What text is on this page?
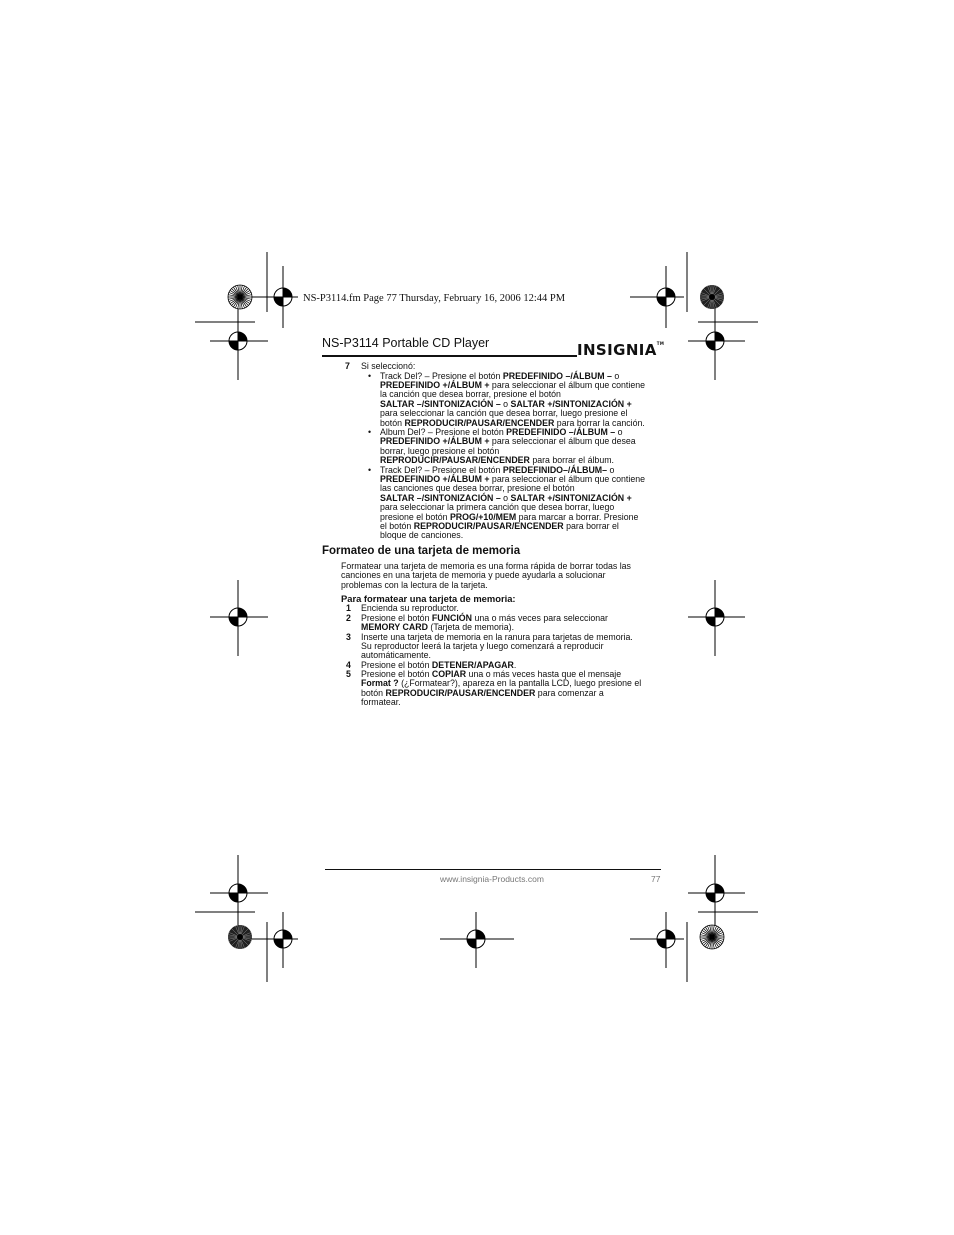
NS-P3114.fm Page 77 Thursday, February 16, 2006 12:44 PM
NS-P3114 Portable CD Player	INSIGNIA™
7 Si seleccionó:
• Track Del? – Presione el botón PREDEFINIDO –/ÁLBUM – o
PREDEFINIDO +/ÁLBUM + para seleccionar el álbum que contiene
la canción que desea borrar, presione el botón
SALTAR –/SINTONIZACIÓN – o SALTAR +/SINTONIZACIÓN +
para seleccionar la canción que desea borrar, luego presione el
botón REPRODUCIR/PAUSAR/ENCENDER para borrar la canción.
• Album Del? – Presione el botón PREDEFINIDO –/ÁLBUM – o
PREDEFINIDO +/ÁLBUM + para seleccionar el álbum que desea
borrar, luego presione el botón
REPRODUCIR/PAUSAR/ENCENDER para borrar el álbum.
• Track Del? – Presione el botón PREDEFINIDO–/ÁLBUM– o
PREDEFINIDO +/ÁLBUM + para seleccionar el álbum que contiene
las canciones que desea borrar, presione el botón
SALTAR –/SINTONIZACIÓN – o SALTAR +/SINTONIZACIÓN +
para seleccionar la primera canción que desea borrar, luego
presione el botón PROG/+10/MEM para marcar a borrar. Presione
el botón REPRODUCIR/PAUSAR/ENCENDER para borrar el
bloque de canciones.
Formateo de una tarjeta de memoria
Formatear una tarjeta de memoria es una forma rápida de borrar todas las
canciones en una tarjeta de memoria y puede ayudarla a solucionar
problemas con la lectura de la tarjeta.
Para formatear una tarjeta de memoria:
1 Encienda su reproductor.
2 Presione el botón FUNCIÓN una o más veces para seleccionar
MEMORY CARD (Tarjeta de memoria).
3 Inserte una tarjeta de memoria en la ranura para tarjetas de memoria.
Su reproductor leerá la tarjeta y luego comenzará a reproducir
automáticamente.
4 Presione el botón DETENER/APAGAR.
5 Presione el botón COPIAR una o más veces hasta que el mensaje
Format ? (¿Formatear?), apareza en la pantalla LCD, luego presione el
botón REPRODUCIR/PAUSAR/ENCENDER para comenzar a
formatear.
www.insignia-Products.com	77
